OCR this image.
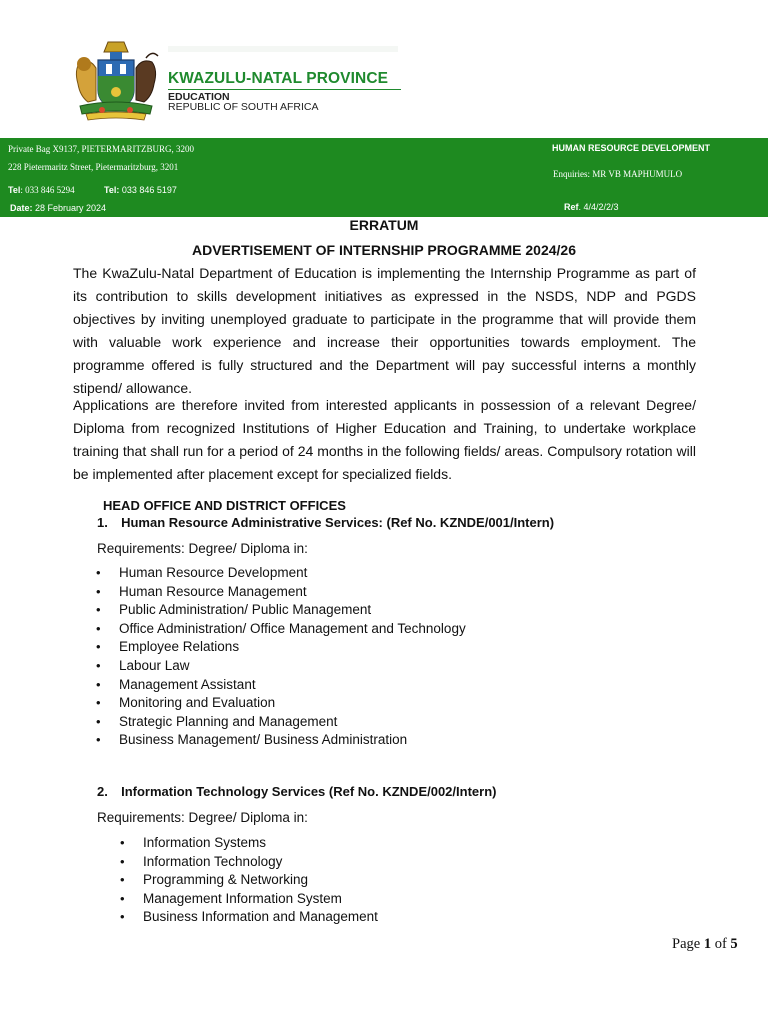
KWAZULU-NATAL PROVINCE
EDUCATION
REPUBLIC OF SOUTH AFRICA
Private Bag X9137, PIETERMARITZBURG, 3200
228 Pietermaritz Street, Pietermaritzburg, 3201
Tel: 033 846 5294	Tel: 033 846 5197
Date: 28 February 2024
HUMAN RESOURCE DEVELOPMENT
Enquiries: MR VB MAPHUMULO
Ref. 4/4/2/2/3
ERRATUM
ADVERTISEMENT OF INTERNSHIP PROGRAMME 2024/26

The KwaZulu-Natal Department of Education is implementing the Internship Programme as part of its contribution to skills development initiatives as expressed in the NSDS, NDP and PGDS objectives by inviting unemployed graduate to participate in the programme that will provide them with valuable work experience and increase their opportunities towards employment. The programme offered is fully structured and the Department will pay successful interns a monthly stipend/ allowance.

Applications are therefore invited from interested applicants in possession of a relevant Degree/ Diploma from recognized Institutions of Higher Education and Training, to undertake workplace training that shall run for a period of 24 months in the following fields/ areas. Compulsory rotation will be implemented after placement except for specialized fields.

HEAD OFFICE AND DISTRICT OFFICES
1. Human Resource Administrative Services: (Ref No. KZNDE/001/Intern)
Requirements: Degree/ Diploma in:
• Human Resource Development
• Human Resource Management
• Public Administration/ Public Management
• Office Administration/ Office Management and Technology
• Employee Relations
• Labour Law
• Management Assistant
• Monitoring and Evaluation
• Strategic Planning and Management
• Business Management/ Business Administration
2. Information Technology Services (Ref No. KZNDE/002/Intern)
Requirements: Degree/ Diploma in:
• Information Systems
• Information Technology
• Programming & Networking
• Management Information System
• Business Information and Management
Page 1 of 5
